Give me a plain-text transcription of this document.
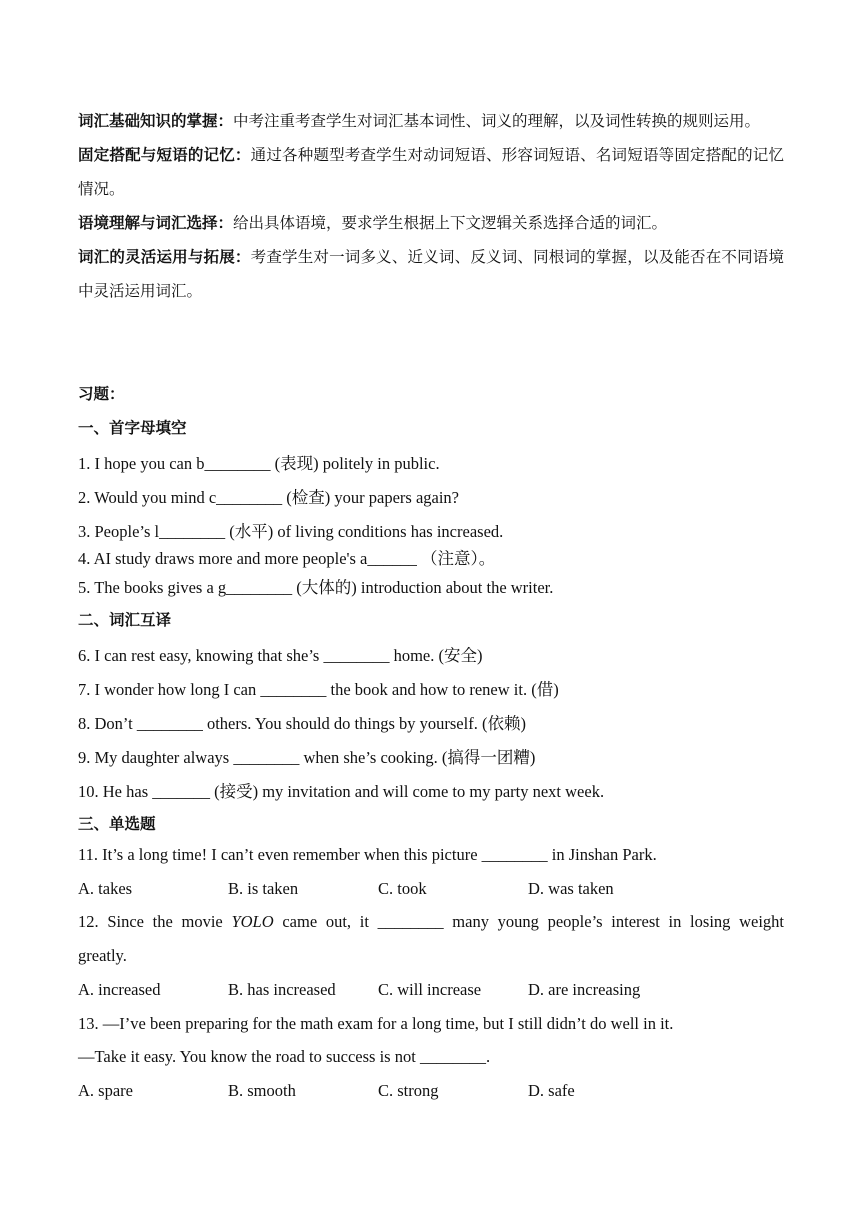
词汇基础知识的掌握：中考注重考查学生对词汇基本词性、词义的理解，以及词性转换的规则运用。
固定搭配与短语的记忆：通过各种题型考查学生对动词短语、形容词短语、名词短语等固定搭配的记忆情况。
语境理解与词汇选择：给出具体语境，要求学生根据上下文逻辑关系选择合适的词汇。
词汇的灵活运用与拓展：考查学生对一词多义、近义词、反义词、同根词的掌握，以及能否在不同语境中灵活运用词汇。
习题：
一、首字母填空
1. I hope you can b________ (表现) politely in public.
2. Would you mind c________ (检查) your papers again?
3. People’s l________ (水平) of living conditions has increased.
4. AI study draws more and more people's a______ （注意）。
5. The books gives a g________ (大体的) introduction about the writer.
二、词汇互译
6. I can rest easy, knowing that she’s ________ home. (安全)
7. I wonder how long I can ________ the book and how to renew it. (借)
8. Don’t ________ others. You should do things by yourself. (依赖)
9. My daughter always ________ when she’s cooking. (搞得一团糟)
10. He has _______ (接受) my invitation and will come to my party next week.
三、单选题
11. It’s a long time! I can’t even remember when this picture ________ in Jinshan Park.
A. takes	B. is taken	C. took	D. was taken
12. Since the movie YOLO came out, it ________ many young people’s interest in losing weight
greatly.
A. increased	B. has increased	C. will increase	D. are increasing
13. —I’ve been preparing for the math exam for a long time, but I still didn’t do well in it.
—Take it easy. You know the road to success is not ________.
A. spare	B. smooth	C. strong	D. safe
